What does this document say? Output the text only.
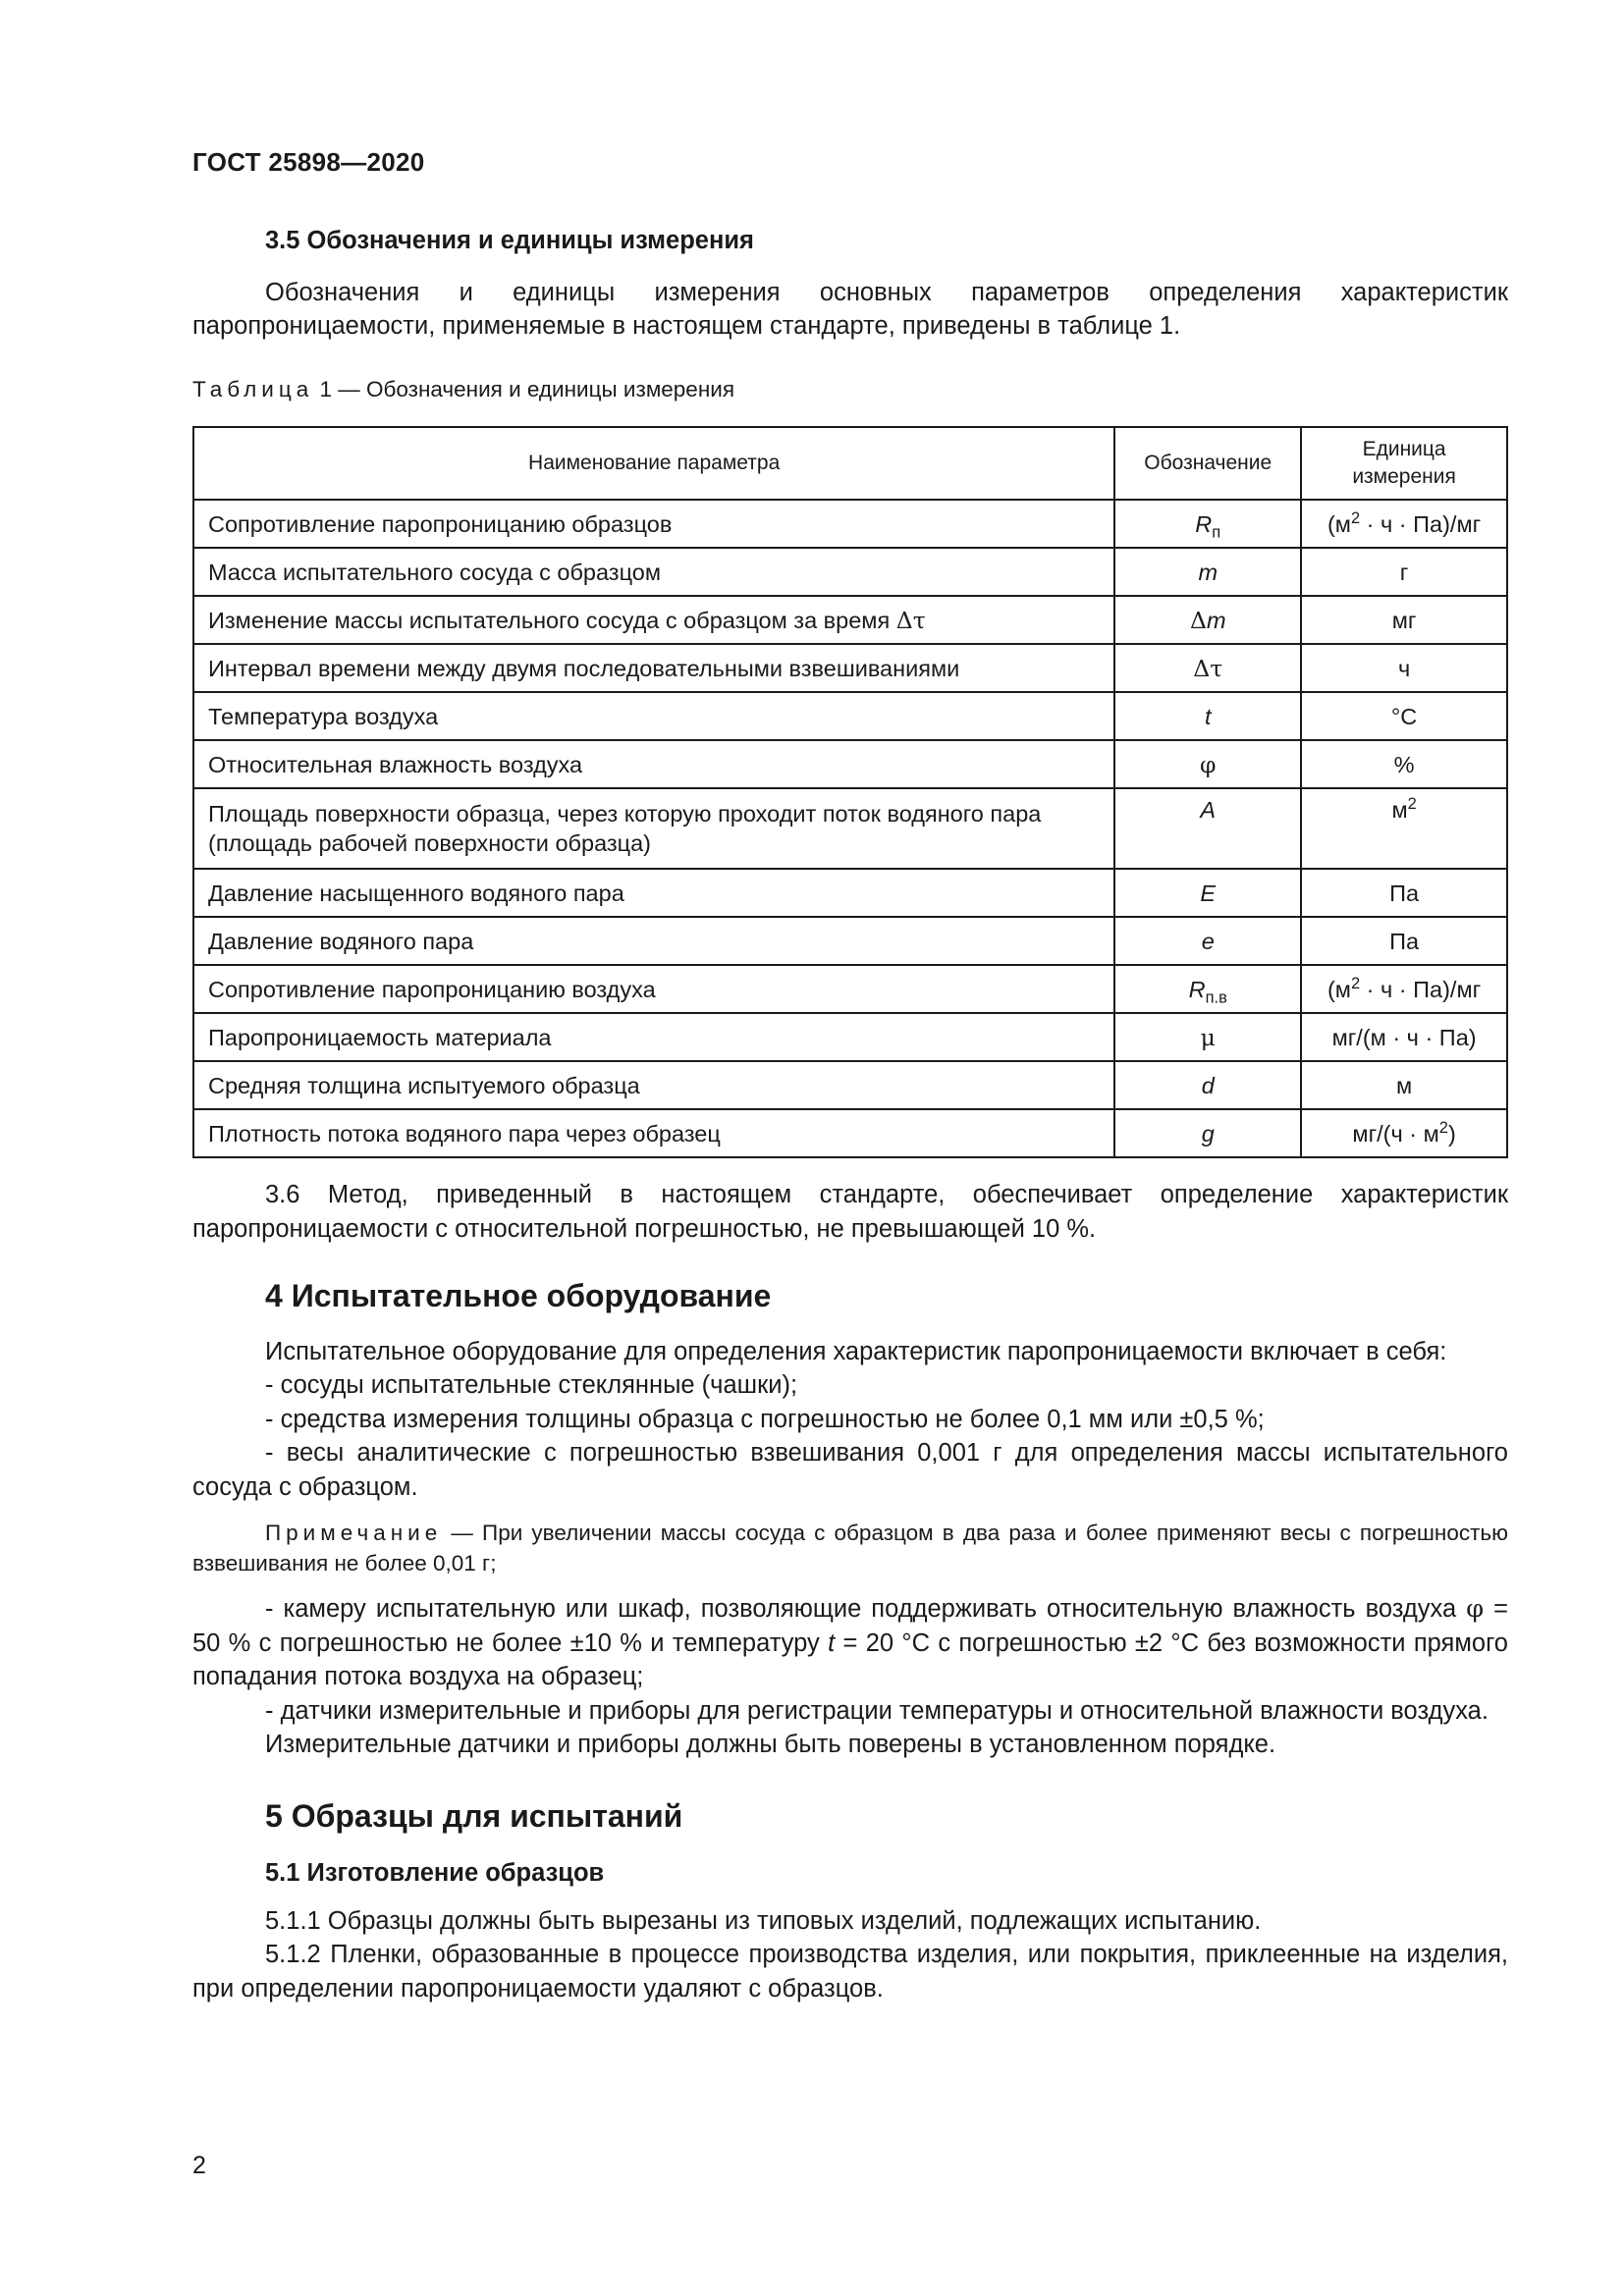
ГОСТ 25898—2020
3.5 Обозначения и единицы измерения

Обозначения и единицы измерения основных параметров определения характеристик паропроницаемости, применяемые в настоящем стандарте, приведены в таблице 1.

Таблица 1 — Обозначения и единицы измерения
Наименование параметра	Обозначение	Единица
измерения
Сопротивление паропроницанию образцов	$R_п$	$(м^2 \cdot ч \cdot Па)/мг$
Масса испытательного сосуда с образцом	m	г
Изменение массы испытательного сосуда с образцом за время Δτ	Δm	мг
Интервал времени между двумя последовательными взвешиваниями	Δτ	ч
Температура воздуха	t	°С
Относительная влажность воздуха	φ	%
Площадь поверхности образца, через которую проходит поток водяного пара
(площадь рабочей поверхности образца)	A	$м^2$
Давление насыщенного водяного пара	E	Па
Давление водяного пара	e	Па
Сопротивление паропроницанию воздуха	$R_{п.в}$	$(м^2 \cdot ч \cdot Па)/мг$
Паропроницаемость материала	μ	мг/(м · ч · Па)
Средняя толщина испытуемого образца	d	м
Плотность потока водяного пара через образец	g	$мг/(ч \cdot м^2)$

3.6 Метод, приведенный в настоящем стандарте, обеспечивает определение характеристик паропроницаемости с относительной погрешностью, не превышающей 10 %.

4 Испытательное оборудование

Испытательное оборудование для определения характеристик паропроницаемости включает в себя:

- сосуды испытательные стеклянные (чашки);

- средства измерения толщины образца с погрешностью не более 0,1 мм или ±0,5 %;

- весы аналитические с погрешностью взвешивания 0,001 г для определения массы испытательного сосуда с образцом.

Примечание — При увеличении массы сосуда с образцом в два раза и более применяют весы с погрешностью взвешивания не более 0,01 г;

- камеру испытательную или шкаф, позволяющие поддерживать относительную влажность воздуха φ = 50 % с погрешностью не более ±10 % и температуру t = 20 °С с погрешностью ±2 °С без возможности прямого попадания потока воздуха на образец;

- датчики измерительные и приборы для регистрации температуры и относительной влажности воздуха.

Измерительные датчики и приборы должны быть поверены в установленном порядке.

5 Образцы для испытаний
5.1 Изготовление образцов

5.1.1 Образцы должны быть вырезаны из типовых изделий, подлежащих испытанию.

5.1.2 Пленки, образованные в процессе производства изделия, или покрытия, приклеенные на изделия, при определении паропроницаемости удаляют с образцов.

2
